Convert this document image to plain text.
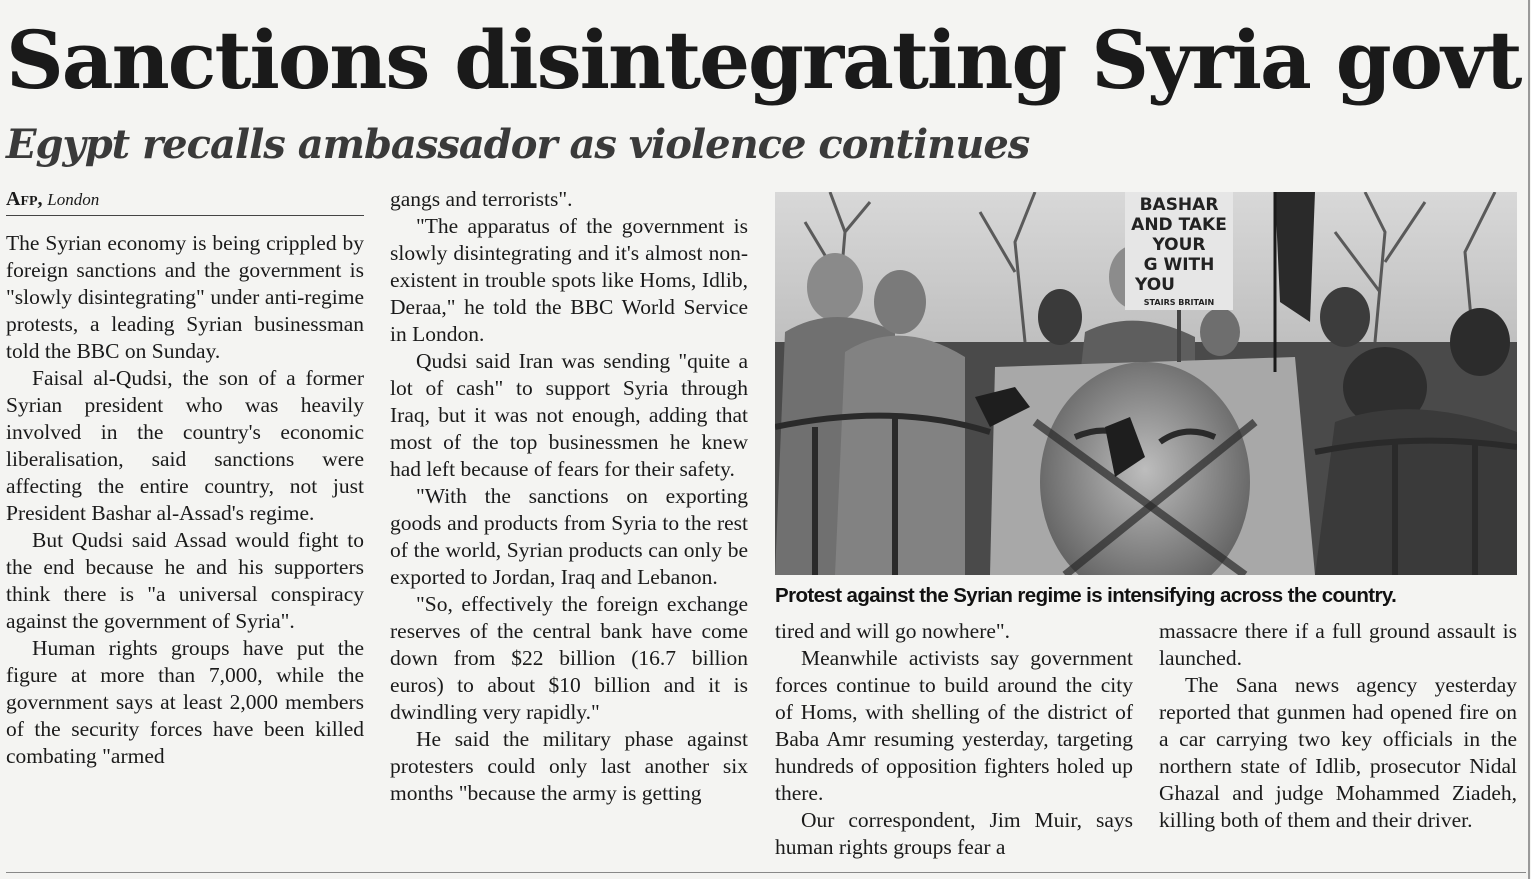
Sanctions disintegrating Syria govt
Egypt recalls ambassador as violence continues
Afp, London

The Syrian economy is being crippled by foreign sanctions and the government is "slowly disintegrating" under anti-regime protests, a leading Syrian businessman told the BBC on Sunday.

Faisal al-Qudsi, the son of a former Syrian president who was heavily involved in the country's economic liberalisation, said sanctions were affecting the entire country, not just President Bashar al-Assad's regime.

But Qudsi said Assad would fight to the end because he and his supporters think there is "a universal conspiracy against the government of Syria".

Human rights groups have put the figure at more than 7,000, while the government says at least 2,000 members of the security forces have been killed combating "armed

gangs and terrorists".

"The apparatus of the government is slowly disintegrating and it's almost non-existent in trouble spots like Homs, Idlib, Deraa," he told the BBC World Service in London.

Qudsi said Iran was sending "quite a lot of cash" to support Syria through Iraq, but it was not enough, adding that most of the top businessmen he knew had left because of fears for their safety.

"With the sanctions on exporting goods and products from Syria to the rest of the world, Syrian products can only be exported to Jordan, Iraq and Lebanon.

"So, effectively the foreign exchange reserves of the central bank have come down from $22 billion (16.7 billion euros) to about $10 billion and it is dwindling very rapidly."

He said the military phase against protesters could only last another six months "because the army is getting

BASHAR
AND TAKE
YOUR
G WITH
YOU
STAIRS BRITAIN
Protest against the Syrian regime is intensifying across the country.

tired and will go nowhere".

Meanwhile activists say government forces continue to build around the city of Homs, with shelling of the district of Baba Amr resuming yesterday, targeting hundreds of opposition fighters holed up there.

Our correspondent, Jim Muir, says human rights groups fear a

massacre there if a full ground assault is launched.

The Sana news agency yesterday reported that gunmen had opened fire on a car carrying two key officials in the northern state of Idlib, prosecutor Nidal Ghazal and judge Mohammed Ziadeh, killing both of them and their driver.
